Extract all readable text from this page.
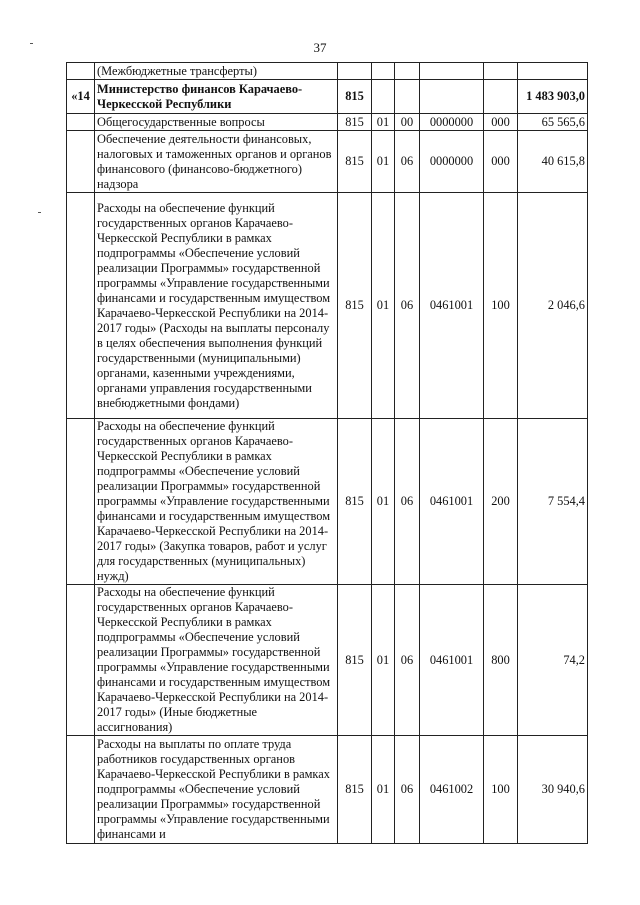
37
	(Межбюджетные трансферты)						
«14	Министерство финансов Карачаево-Черкесской Республики	815					1 483 903,0
	Общегосударственные вопросы	815	01	00	0000000	000	65 565,6
	Обеспечение деятельности финансовых, налоговых и таможенных органов и органов финансового (финансово-бюджетного) надзора	815	01	06	0000000	000	40 615,8
	Расходы на обеспечение функций государственных органов Карачаево-Черкесской Республики в рамках подпрограммы «Обеспечение условий реализации Программы» государственной программы «Управление государственными финансами и государственным имуществом Карачаево-Черкесской Республики на 2014-2017 годы» (Расходы на выплаты персоналу в целях обеспечения выполнения функций государственными (муниципальными) органами, казенными учреждениями, органами управления государственными внебюджетными фондами)	815	01	06	0461001	100	2 046,6
	Расходы на обеспечение функций государственных органов Карачаево-Черкесской Республики в рамках подпрограммы «Обеспечение условий реализации Программы» государственной программы «Управление государственными финансами и государственным имуществом Карачаево-Черкесской Республики на 2014-2017 годы» (Закупка товаров, работ и услуг для государственных (муниципальных) нужд)	815	01	06	0461001	200	7 554,4
	Расходы на обеспечение функций государственных органов Карачаево-Черкесской Республики в рамках подпрограммы «Обеспечение условий реализации Программы» государственной программы «Управление государственными финансами и государственным имуществом Карачаево-Черкесской Республики на 2014-2017 годы» (Иные бюджетные ассигнования)	815	01	06	0461001	800	74,2
	Расходы на выплаты по оплате труда работников государственных органов Карачаево-Черкесской Республики в рамках подпрограммы «Обеспечение условий реализации Программы» государственной программы «Управление государственными финансами и	815	01	06	0461002	100	30 940,6
